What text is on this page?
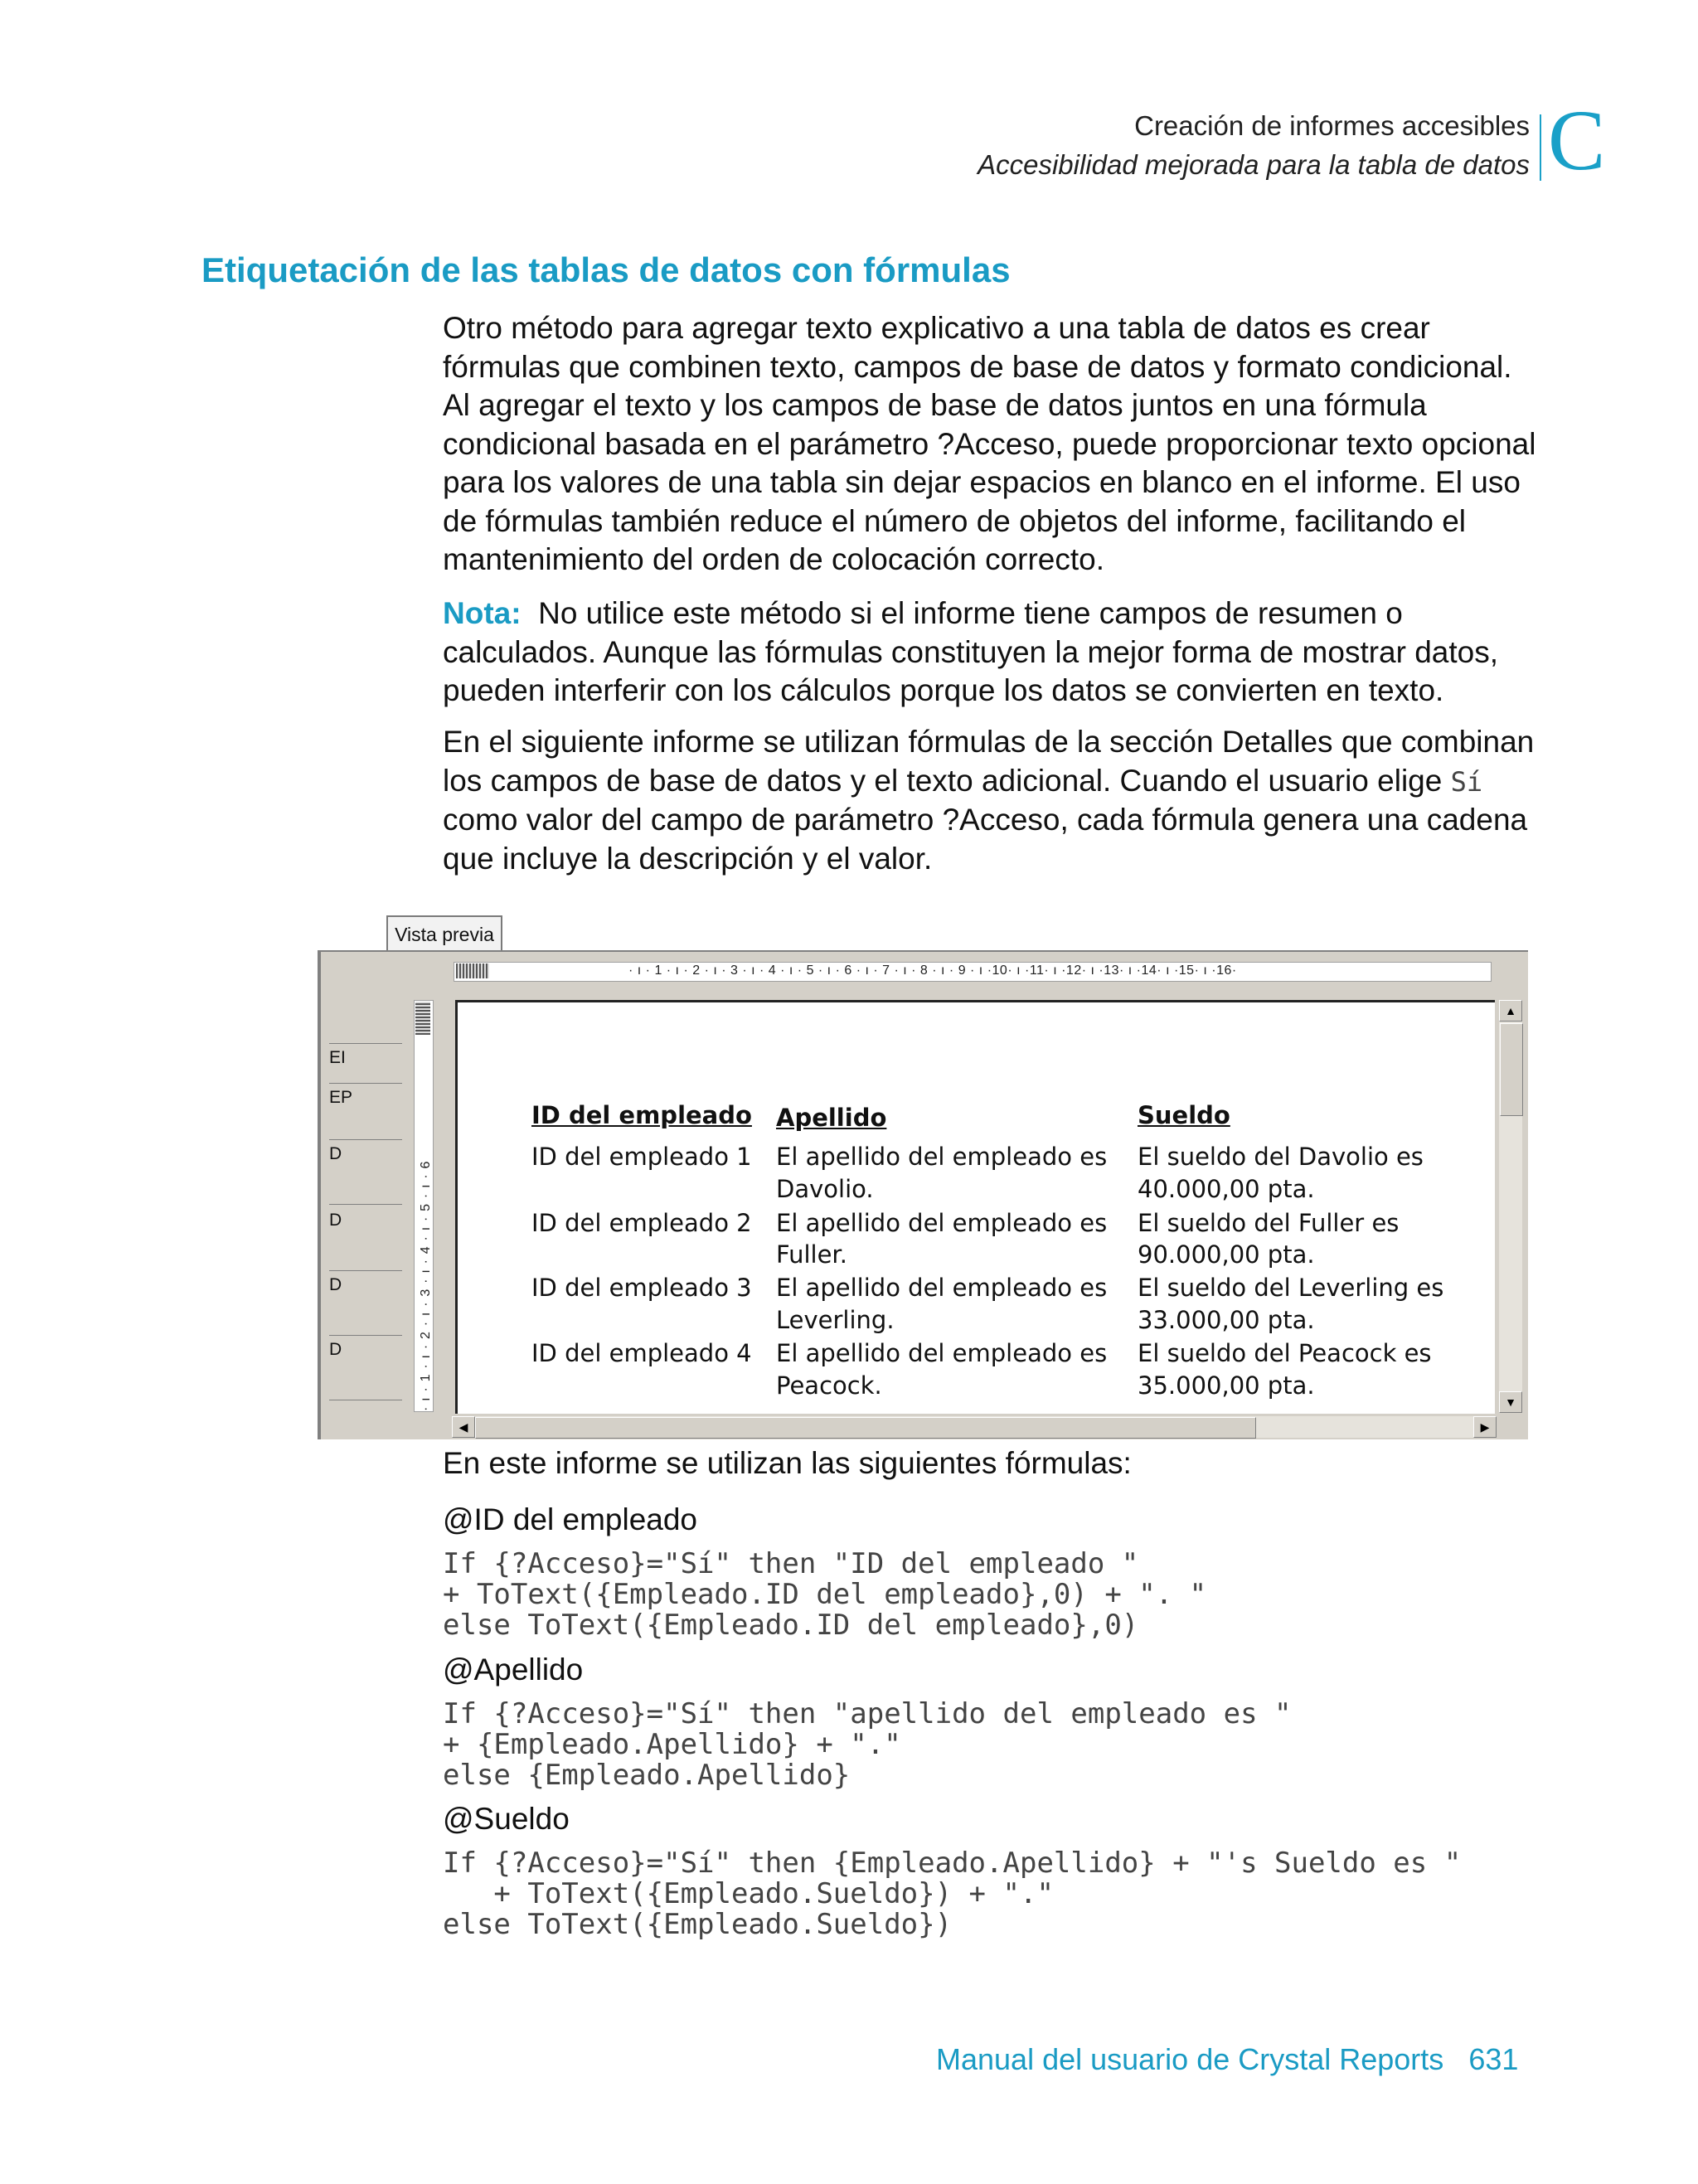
Creación de informes accesibles
Accesibilidad mejorada para la tabla de datos C
Etiquetación de las tablas de datos con fórmulas

Otro método para agregar texto explicativo a una tabla de datos es crear fórmulas que combinen texto, campos de base de datos y formato condicional. Al agregar el texto y los campos de base de datos juntos en una fórmula condicional basada en el parámetro ?Acceso, puede proporcionar texto opcional para los valores de una tabla sin dejar espacios en blanco en el informe. El uso de fórmulas también reduce el número de objetos del informe, facilitando el mantenimiento del orden de colocación correcto.

Nota: No utilice este método si el informe tiene campos de resumen o calculados. Aunque las fórmulas constituyen la mejor forma de mostrar datos, pueden interferir con los cálculos porque los datos se convierten en texto.

En el siguiente informe se utilizan fórmulas de la sección Detalles que combinan los campos de base de datos y el texto adicional. Cuando el usuario elige Sí como valor del campo de parámetro ?Acceso, cada fórmula genera una cadena que incluye la descripción y el valor.

Vista previa
· ı · 1 · ı · 2 · ı · 3 · ı · 4 · ı · 5 · ı · 6 · ı · 7 · ı · 8 · ı · 9 · ı ·10· ı ·11· ı ·12· ı ·13· ı ·14· ı ·15· ı ·16·
· ı · 1 · ı · 2 · ı · 3 · ı · 4 · ı · 5 · ı · 6
EI
EP
D
D
D
D
ID del empleado Apellido	Sueldo
ID del empleado 1 El apellido del empleado es
Davolio.
El sueldo del Davolio es
40.000,00 pta.
ID del empleado 2 El apellido del empleado es
Fuller.
El sueldo del Fuller es
90.000,00 pta.
ID del empleado 3 El apellido del empleado es
Leverling.
El sueldo del Leverling es
33.000,00 pta.
ID del empleado 4 El apellido del empleado es
Peacock.
El sueldo del Peacock es
35.000,00 pta.
▲
▼
◀	▶
En este informe se utilizan las siguientes fórmulas:
@ID del empleado
If {?Acceso}="Sí" then "ID del empleado "
+ ToText({Empleado.ID del empleado},0) + ". "
else ToText({Empleado.ID del empleado},0)
@Apellido
If {?Acceso}="Sí" then "apellido del empleado es "
+ {Empleado.Apellido} + "."
else {Empleado.Apellido}
@Sueldo
If {?Acceso}="Sí" then {Empleado.Apellido} + "'s Sueldo es "
+ ToText({Empleado.Sueldo}) + "."
else ToText({Empleado.Sueldo})
Manual del usuario de Crystal Reports 631
